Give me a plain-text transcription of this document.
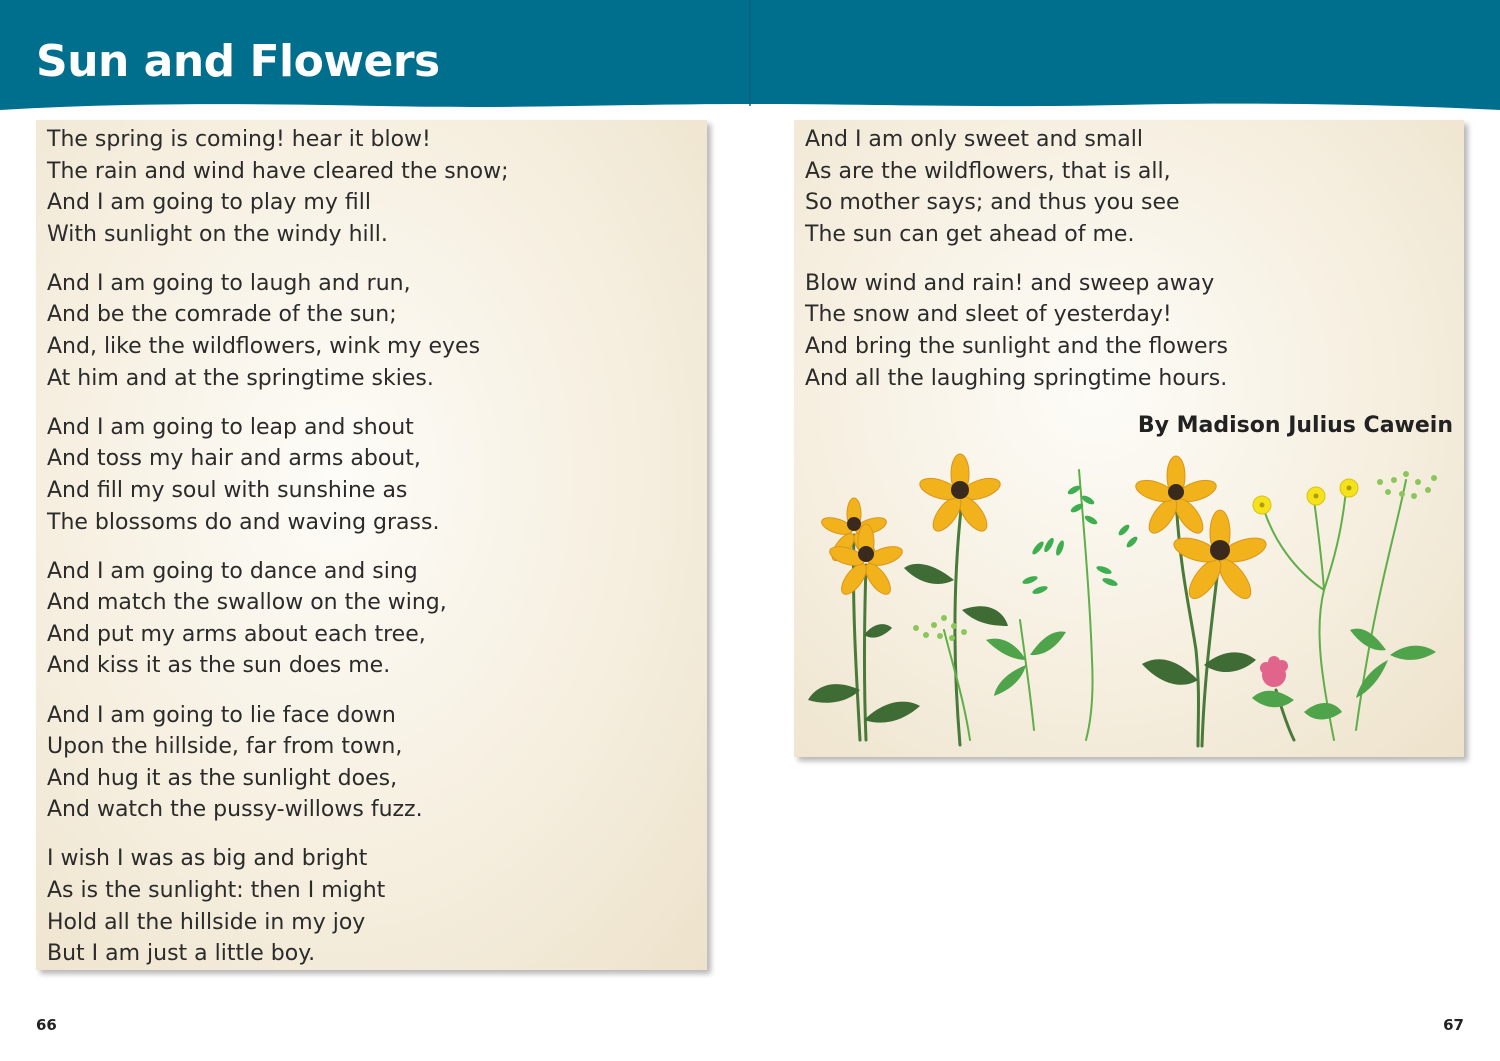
Sun and Flowers

The spring is coming! hear it blow!
The rain and wind have cleared the snow;
And I am going to play my fill
With sunlight on the windy hill.

And I am going to laugh and run,
And be the comrade of the sun;
And, like the wildflowers, wink my eyes
At him and at the springtime skies.

And I am going to leap and shout
And toss my hair and arms about,
And fill my soul with sunshine as
The blossoms do and waving grass.

And I am going to dance and sing
And match the swallow on the wing,
And put my arms about each tree,
And kiss it as the sun does me.

And I am going to lie face down
Upon the hillside, far from town,
And hug it as the sunlight does,
And watch the pussy-willows fuzz.

I wish I was as big and bright
As is the sunlight: then I might
Hold all the hillside in my joy
But I am just a little boy.

And I am only sweet and small
As are the wildflowers, that is all,
So mother says; and thus you see
The sun can get ahead of me.

Blow wind and rain! and sweep away
The snow and sleet of yesterday!
And bring the sunlight and the flowers
And all the laughing springtime hours.

By Madison Julius Cawein
66	67
